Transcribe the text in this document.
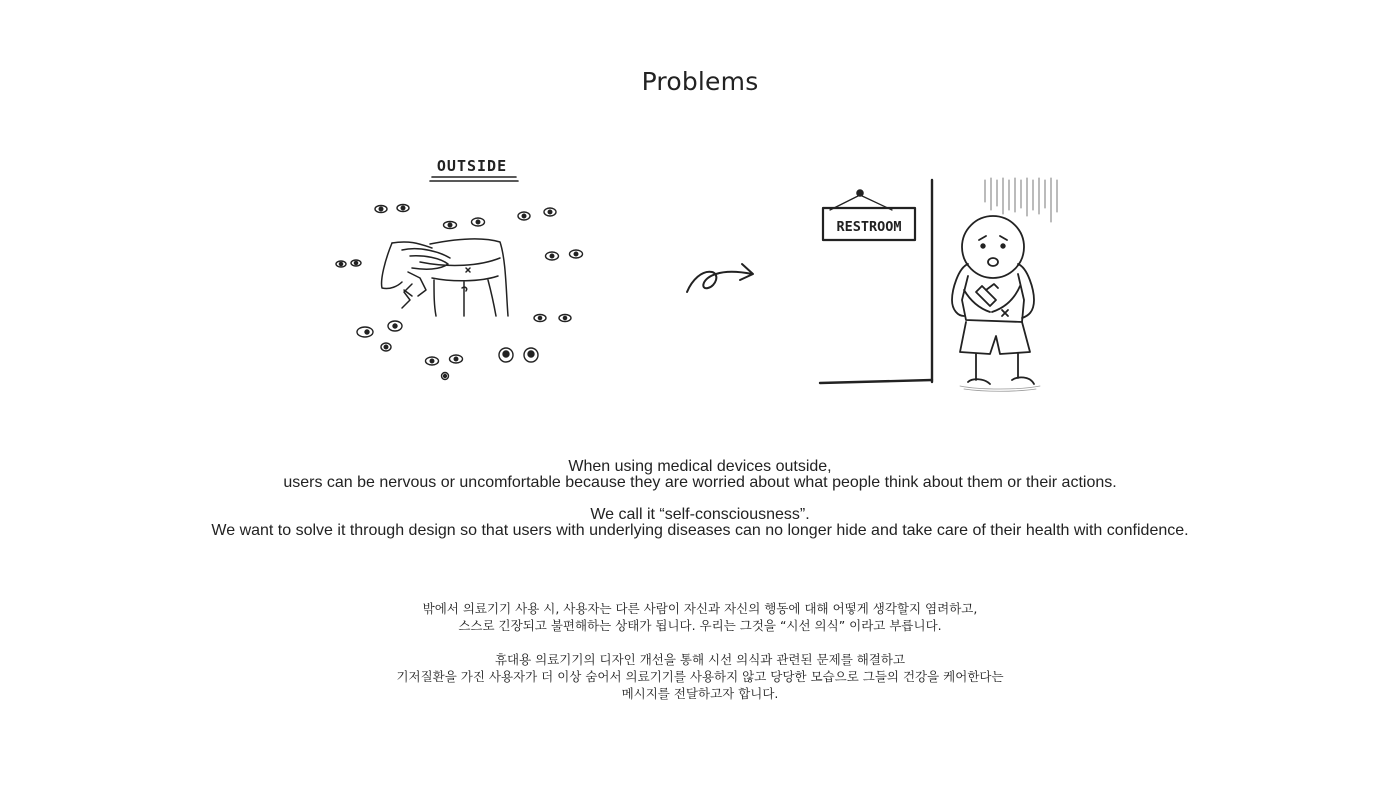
Problems
OUTSIDE
RESTROOM

When using medical devices outside,

users can be nervous or uncomfortable because they are worried about what people think about them or their actions.

We call it “self-consciousness”.

We want to solve it through design so that users with underlying diseases can no longer hide and take care of their health with confidence.

밖에서 의료기기 사용 시, 사용자는 다른 사람이 자신과 자신의 행동에 대해 어떻게 생각할지 염려하고,

스스로 긴장되고 불편해하는 상태가 됩니다. 우리는 그것을 “시선 의식” 이라고 부릅니다.

휴대용 의료기기의 디자인 개선을 통해 시선 의식과 관련된 문제를 해결하고

기저질환을 가진 사용자가 더 이상 숨어서 의료기기를 사용하지 않고 당당한 모습으로 그들의 건강을 케어한다는

메시지를 전달하고자 합니다.
